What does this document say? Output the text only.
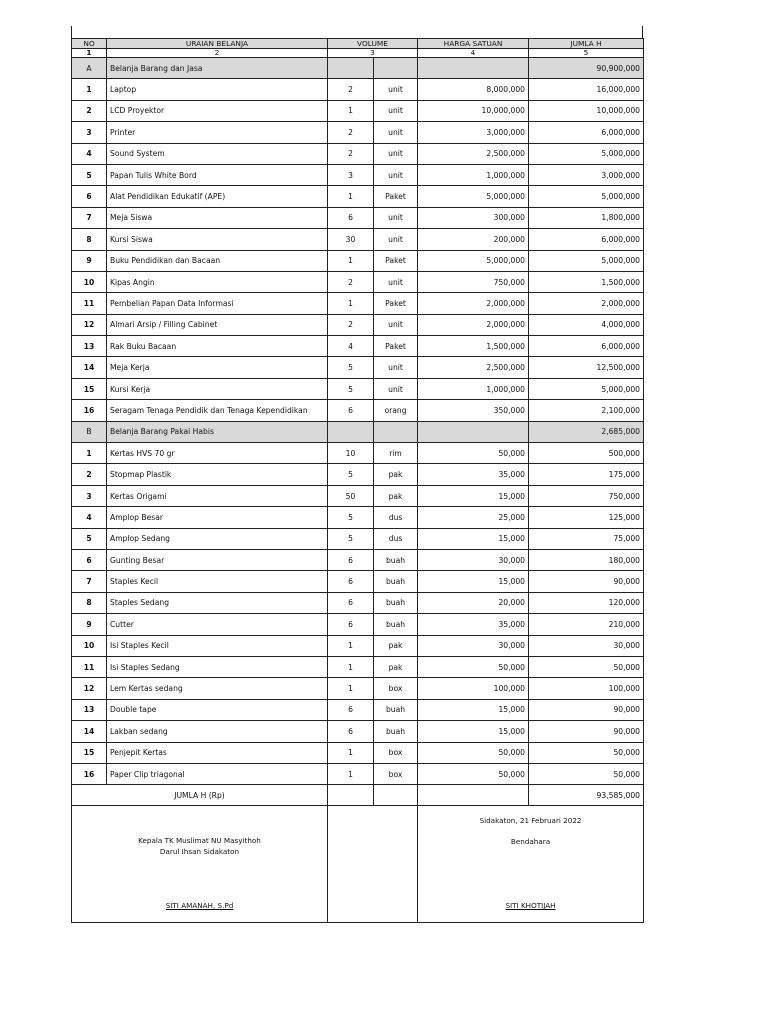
NO	URAIAN BELANJA	VOLUME		HARGA SATUAN	JUMLA H
1	2	3		4	5
A	Belanja Barang dan Jasa				90,900,000
1	Laptop	2	unit	8,000,000	16,000,000
2	LCD Proyektor	1	unit	10,000,000	10,000,000
3	Printer	2	unit	3,000,000	6,000,000
4	Sound System	2	unit	2,500,000	5,000,000
5	Papan Tulis White Bord	3	unit	1,000,000	3,000,000
6	Alat Pendidikan Edukatif (APE)	1	Paket	5,000,000	5,000,000
7	Meja Siswa	6	unit	300,000	1,800,000
8	Kursi Siswa	30	unit	200,000	6,000,000
9	Buku Pendidikan dan Bacaan	1	Paket	5,000,000	5,000,000
10	Kipas Angin	2	unit	750,000	1,500,000
11	Pembelian Papan Data Informasi	1	Paket	2,000,000	2,000,000
12	Almari Arsip / Filling Cabinet	2	unit	2,000,000	4,000,000
13	Rak Buku Bacaan	4	Paket	1,500,000	6,000,000
14	Meja Kerja	5	unit	2,500,000	12,500,000
15	Kursi Kerja	5	unit	1,000,000	5,000,000
16	Seragam Tenaga Pendidik dan Tenaga Kependidikan	6	orang	350,000	2,100,000
B	Belanja Barang Pakai Habis				2,685,000
1	Kertas HVS 70 gr	10	rim	50,000	500,000
2	Stopmap Plastik	5	pak	35,000	175,000
3	Kertas Origami	50	pak	15,000	750,000
4	Amplop Besar	5	dus	25,000	125,000
5	Amplop Sedang	5	dus	15,000	75,000
6	Gunting Besar	6	buah	30,000	180,000
7	Staples Kecil	6	buah	15,000	90,000
8	Staples Sedang	6	buah	20,000	120,000
9	Cutter	6	buah	35,000	210,000
10	Isi Staples Kecil	1	pak	30,000	30,000
11	Isi Staples Sedang	1	pak	50,000	50,000
12	Lem Kertas sedang	1	box	100,000	100,000
13	Double tape	6	buah	15,000	90,000
14	Lakban sedang	6	buah	15,000	90,000
15	Penjepit Kertas	1	box	50,000	50,000
16	Paper Clip triagonal	1	box	50,000	50,000
JUMLA H (Rp)					93,585,000

Kepala TK Muslimat NU Masyithoh
Darul Ihsan Sidakaton
SITI AMANAH, S.Pd				Sidakaton, 21 Februari 2022
Bendahara
SITI KHOTIJAH	
